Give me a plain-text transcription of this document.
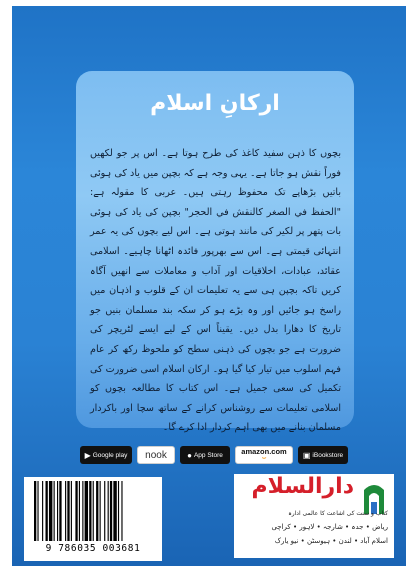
ارکانِ اسلام

بچوں کا ذہن سفید کاغذ کی طرح ہوتا ہے۔ اس پر جو لکھیں فوراً نقش ہو جاتا ہے۔ یہی وجہ ہے کہ بچپن میں یاد کی ہوئی باتیں بڑھاپے تک محفوظ رہتی ہیں۔ عربی کا مقولہ ہے: "الحفظ في الصغر كالنقش في الحجر" بچپن کی یاد کی ہوئی بات پتھر پر لکیر کی مانند ہوتی ہے۔ اس لیے بچوں کی یہ عمر انتہائی قیمتی ہے۔ اس سے بھرپور فائدہ اٹھانا چاہیے۔ اسلامی عقائد، عبادات، اخلاقیات اور آداب و معاملات سے انھیں آگاہ کریں تاکہ بچپن ہی سے یہ تعلیمات ان کے قلوب و اذہان میں راسخ ہو جائیں اور وہ بڑے ہو کر سکہ بند مسلمان بنیں جو تاریخ کا دھارا بدل دیں۔ یقیناً اس کے لیے ایسے لٹریچر کی ضرورت ہے جو بچوں کی ذہنی سطح کو ملحوظ رکھ کر عام فہم اسلوب میں تیار کیا گیا ہو۔ ارکان اسلام اسی ضرورت کی تکمیل کی سعی جمیل ہے۔ اس کتاب کا مطالعہ بچوں کو اسلامی تعلیمات سے روشناس کرانے کے ساتھ سچا اور باکردار مسلمان بنانے میں بھی اہم کردار ادا کرے گا۔

▶ Google play nook	● App Store amazon.com
⌣	▣ iBookstore
9 786035 003681
دارالسلام
کتاب و سنت کی اشاعت کا عالمی ادارہ
ریاض • جدہ • شارجہ • لاہور • کراچی
اسلام آباد • لندن • ہیوسٹن • نیو یارک
